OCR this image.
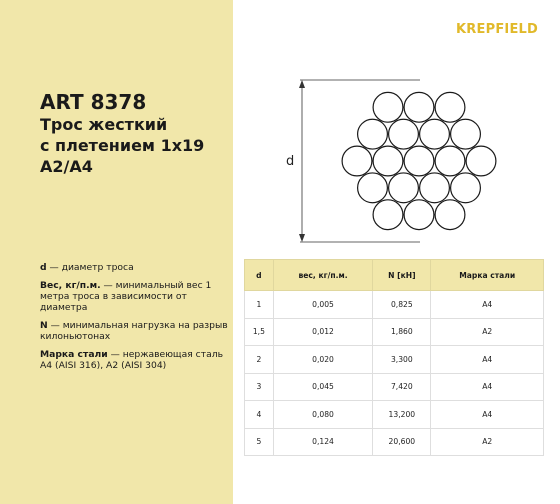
KREPFIELD
ART 8378
Трос жесткий
с плетением 1x19
A2/A4
d — диаметр троса
Вес, кг/п.м. — минимальный вес 1 метра троса в зависимости от диаметра
N — минимальная нагрузка на разрыв килоньютонах
Марка стали — нержавеющая сталь A4 (AISI 316), A2 (AISI 304)
d
d	вес, кг/п.м.	N [кН]	Марка стали
1	0,005	0,825	A4
1,5	0,012	1,860	A2
2	0,020	3,300	A4
3	0,045	7,420	A4
4	0,080	13,200	A4
5	0,124	20,600	A2
